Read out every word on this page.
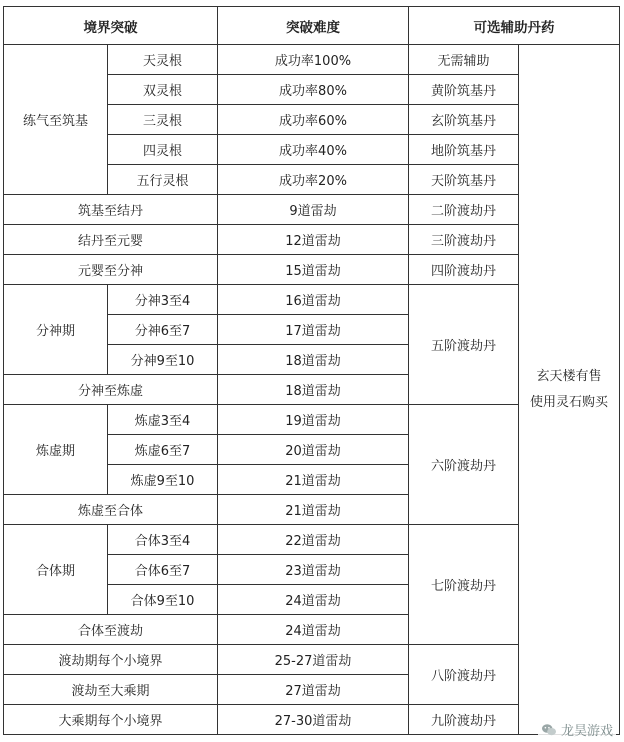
境界突破		突破难度	可选辅助丹药	
练气至筑基	天灵根	成功率100%	无需辅助	玄天楼有售
使用灵石购买

	双灵根	成功率80%	黄阶筑基丹	
	三灵根	成功率60%	玄阶筑基丹	
	四灵根	成功率40%	地阶筑基丹	
	五行灵根	成功率20%	天阶筑基丹	
筑基至结丹		9道雷劫	二阶渡劫丹	
结丹至元婴		12道雷劫	三阶渡劫丹	
元婴至分神		15道雷劫	四阶渡劫丹	
分神期	分神3至4	16道雷劫	五阶渡劫丹	
	分神6至7	17道雷劫		
	分神9至10	18道雷劫		
分神至炼虚		18道雷劫		
炼虚期	炼虚3至4	19道雷劫	六阶渡劫丹	
	炼虚6至7	20道雷劫		
	炼虚9至10	21道雷劫		
炼虚至合体		21道雷劫		
合体期	合体3至4	22道雷劫	七阶渡劫丹	
	合体6至7	23道雷劫		
	合体9至10	24道雷劫		
合体至渡劫		24道雷劫		
渡劫期每个小境界		25-27道雷劫	八阶渡劫丹	
渡劫至大乘期		27道雷劫		
大乘期每个小境界		27-30道雷劫	九阶渡劫丹	
龙昊游戏
